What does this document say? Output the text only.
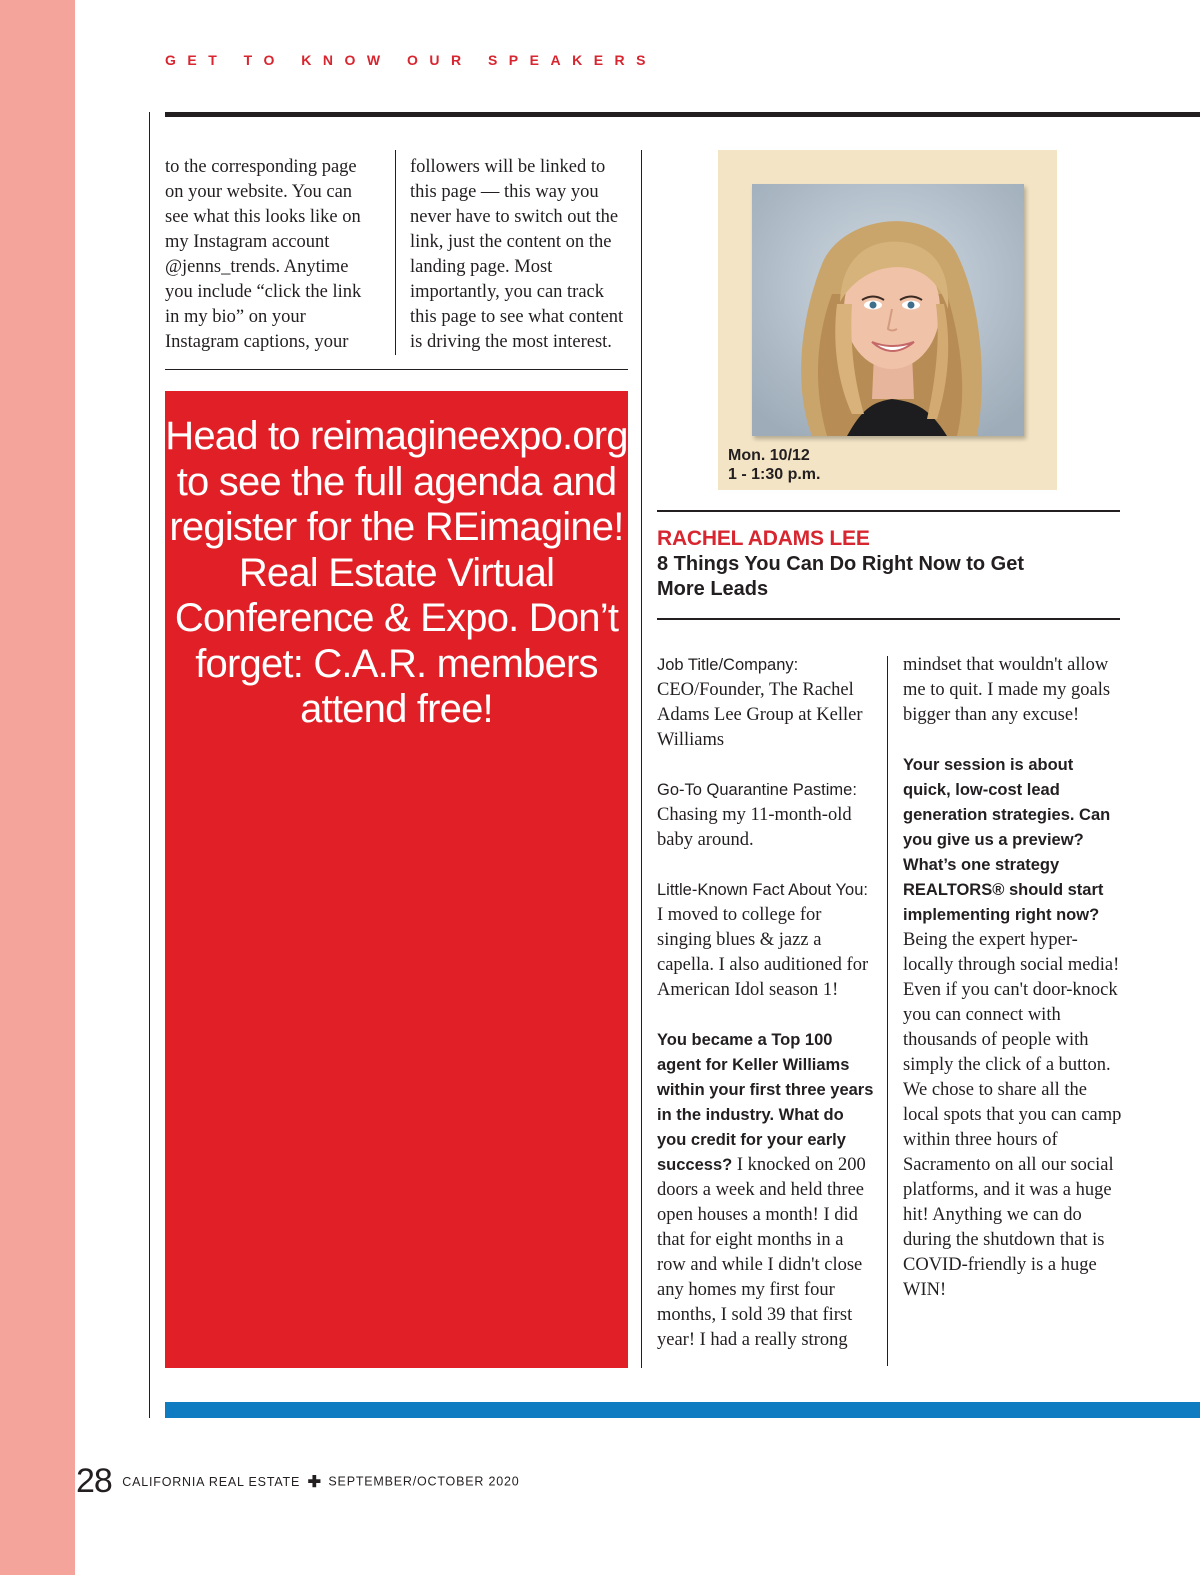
GET TO KNOW OUR SPEAKERS

to the corresponding page on your website. You can see what this looks like on my Instagram account @jenns_trends. Anytime you include “click the link in my bio” on your Instagram captions, your

followers will be linked to this page — this way you never have to switch out the link, just the content on the landing page. Most importantly, you can track this page to see what content is driving the most interest.

Head to reimagineexpo.org to see the full agenda and register for the REimagine! Real Estate Virtual Conference & Expo. Don’t forget: C.A.R. members attend free!
Mon. 10/12
1 - 1:30 p.m.
RACHEL ADAMS LEE
8 Things You Can Do Right Now to Get More Leads

Job Title/Company:
CEO/Founder, The Rachel Adams Lee Group at Keller Williams

Go-To Quarantine Pastime: Chasing my 11-month-old baby around.

Little-Known Fact About You: I moved to college for singing blues & jazz a capella. I also auditioned for American Idol season 1!

You became a Top 100 agent for Keller Williams within your first three years in the industry. What do you credit for your early success? I knocked on 200 doors a week and held three open houses a month! I did that for eight months in a row and while I didn't close any homes my first four months, I sold 39 that first year! I had a really strong

mindset that wouldn't allow me to quit. I made my goals bigger than any excuse!

Your session is about quick, low-cost lead generation strategies. Can you give us a preview? What’s one strategy REALTORS® should start implementing right now?
Being the expert hyper-locally through social media! Even if you can't door-knock you can connect with thousands of people with simply the click of a button. We chose to share all the local spots that you can camp within three hours of Sacramento on all our social platforms, and it was a huge hit! Anything we can do during the shutdown that is COVID-friendly is a huge WIN!

28 CALIFORNIA REAL ESTATE ✚ SEPTEMBER/OCTOBER 2020
